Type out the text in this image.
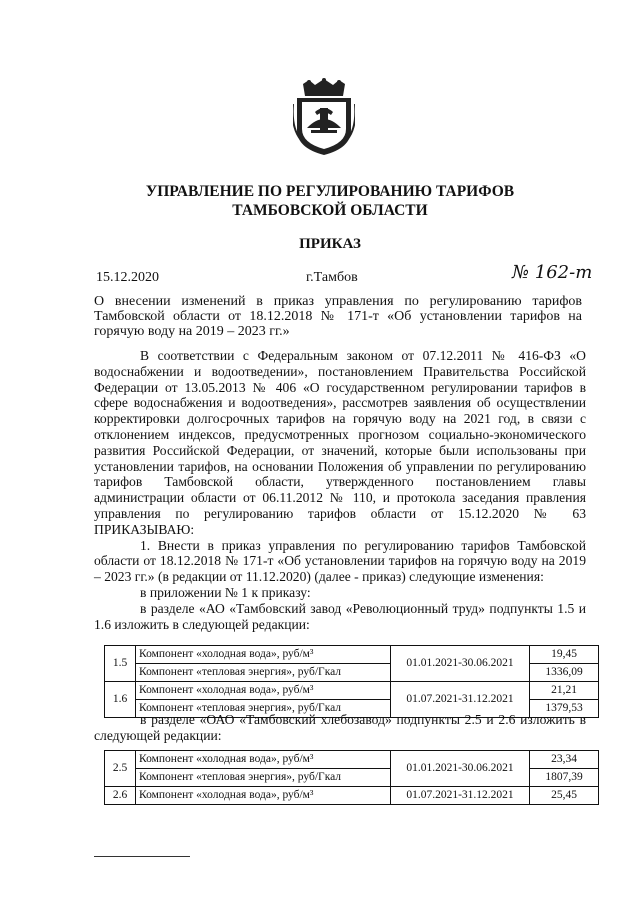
УПРАВЛЕНИЕ ПО РЕГУЛИРОВАНИЮ ТАРИФОВ
ТАМБОВСКОЙ ОБЛАСТИ
ПРИКАЗ
15.12.2020	г.Тамбов	№ 162-т
О внесении изменений в приказ управления по регулированию тарифов Тамбовской области от 18.12.2018 № 171-т «Об установлении тарифов на горячую воду на 2019 – 2023 гг.»

В соответствии с Федеральным законом от 07.12.2011 № 416-ФЗ «О водоснабжении и водоотведении», постановлением Правительства Российской Федерации от 13.05.2013 № 406 «О государственном регулировании тарифов в сфере водоснабжения и водоотведения», рассмотрев заявления об осуществлении корректировки долгосрочных тарифов на горячую воду на 2021 год, в связи с отклонением индексов, предусмотренных прогнозом социально-экономического развития Российской Федерации, от значений, которые были использованы при установлении тарифов, на основании Положения об управлении по регулированию тарифов Тамбовской области, утвержденного постановлением главы администрации области от 06.11.2012 № 110, и протокола заседания правления управления по регулированию тарифов области от 15.12.2020 № 63 ПРИКАЗЫВАЮ:

1. Внести в приказ управления по регулированию тарифов Тамбовской области от 18.12.2018 № 171-т «Об установлении тарифов на горячую воду на 2019 – 2023 гг.» (в редакции от 11.12.2020) (далее - приказ) следующие изменения:

в приложении № 1 к приказу:

в разделе «АО «Тамбовский завод «Революционный труд» подпункты 1.5 и 1.6 изложить в следующей редакции:

1.5	Компонент «холодная вода», руб/м³	01.01.2021-30.06.2021	19,45
	Компонент «тепловая энергия», руб/Гкал		1336,09
1.6	Компонент «холодная вода», руб/м³	01.07.2021-31.12.2021	21,21
	Компонент «тепловая энергия», руб/Гкал		1379,53

в разделе «ОАО «Тамбовский хлебозавод» подпункты 2.5 и 2.6 изложить в следующей редакции:

2.5	Компонент «холодная вода», руб/м³	01.01.2021-30.06.2021	23,34
	Компонент «тепловая энергия», руб/Гкал		1807,39
2.6	Компонент «холодная вода», руб/м³	01.07.2021-31.12.2021	25,45
